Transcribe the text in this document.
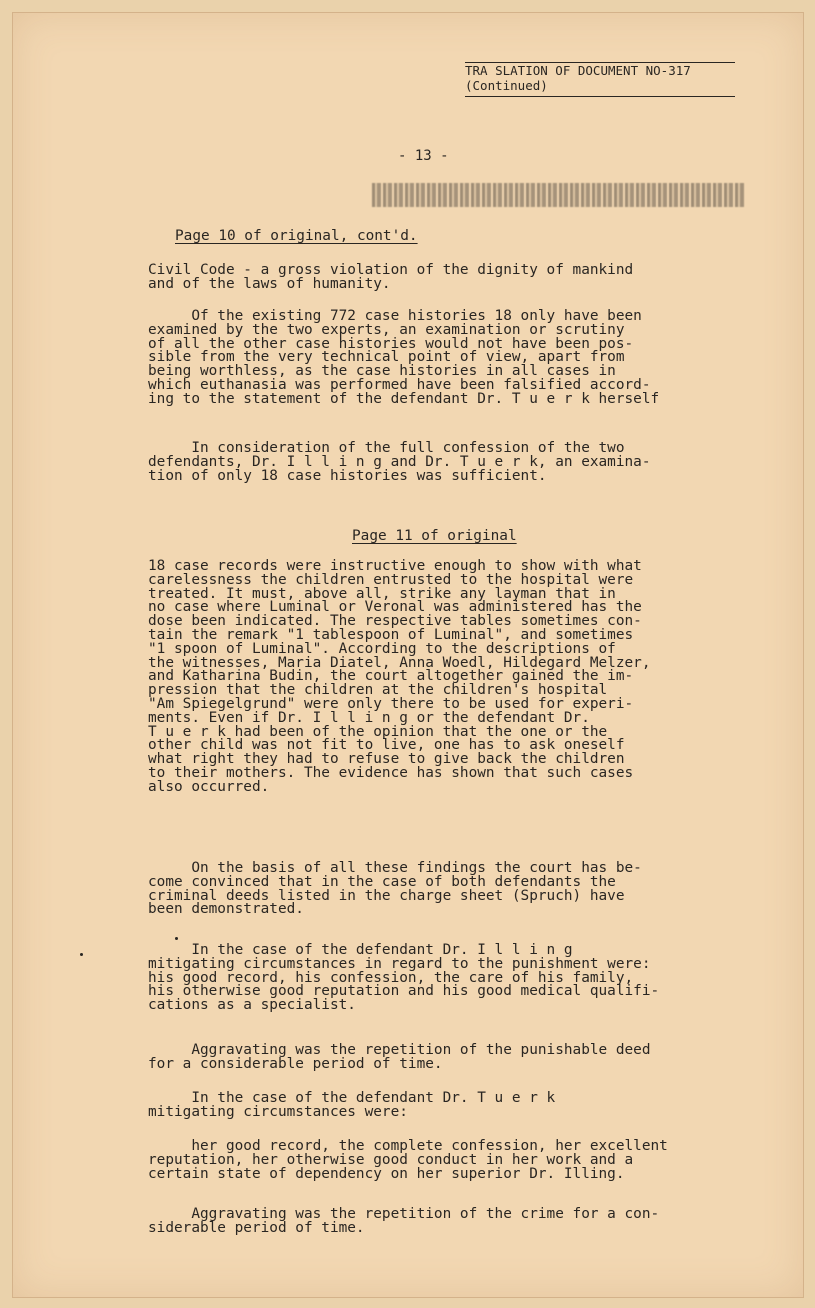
TRA SLATION OF DOCUMENT NO-317
(Continued)
- 13 -
Page 10 of original, cont'd.
Civil Code - a gross violation of the dignity of mankind
and of the laws of humanity.
Of the existing 772 case histories 18 only have been
examined by the two experts, an examination or scrutiny
of all the other case histories would not have been pos-
sible from the very technical point of view, apart from
being worthless, as the case histories in all cases in
which euthanasia was performed have been falsified accord-
ing to the statement of the defendant Dr. T u e r k herself
In consideration of the full confession of the two
defendants, Dr. I l l i n g and Dr. T u e r k, an examina-
tion of only 18 case histories was sufficient.
Page 11 of original
18 case records were instructive enough to show with what
carelessness the children entrusted to the hospital were
treated. It must, above all, strike any layman that in
no case where Luminal or Veronal was administered has the
dose been indicated. The respective tables sometimes con-
tain the remark "1 tablespoon of Luminal", and sometimes
"1 spoon of Luminal". According to the descriptions of
the witnesses, Maria Diatel, Anna Woedl, Hildegard Melzer,
and Katharina Budin, the court altogether gained the im-
pression that the children at the children's hospital
"Am Spiegelgrund" were only there to be used for experi-
ments. Even if Dr. I l l i n g or the defendant Dr.
T u e r k had been of the opinion that the one or the
other child was not fit to live, one has to ask oneself
what right they had to refuse to give back the children
to their mothers. The evidence has shown that such cases
also occurred.
On the basis of all these findings the court has be-
come convinced that in the case of both defendants the
criminal deeds listed in the charge sheet (Spruch) have
been demonstrated.
In the case of the defendant Dr. I l l i n g
mitigating circumstances in regard to the punishment were:
his good record, his confession, the care of his family,
his otherwise good reputation and his good medical qualifi-
cations as a specialist.
Aggravating was the repetition of the punishable deed
for a considerable period of time.
In the case of the defendant Dr. T u e r k
mitigating circumstances were:
her good record, the complete confession, her excellent
reputation, her otherwise good conduct in her work and a
certain state of dependency on her superior Dr. Illing.
Aggravating was the repetition of the crime for a con-
siderable period of time.
